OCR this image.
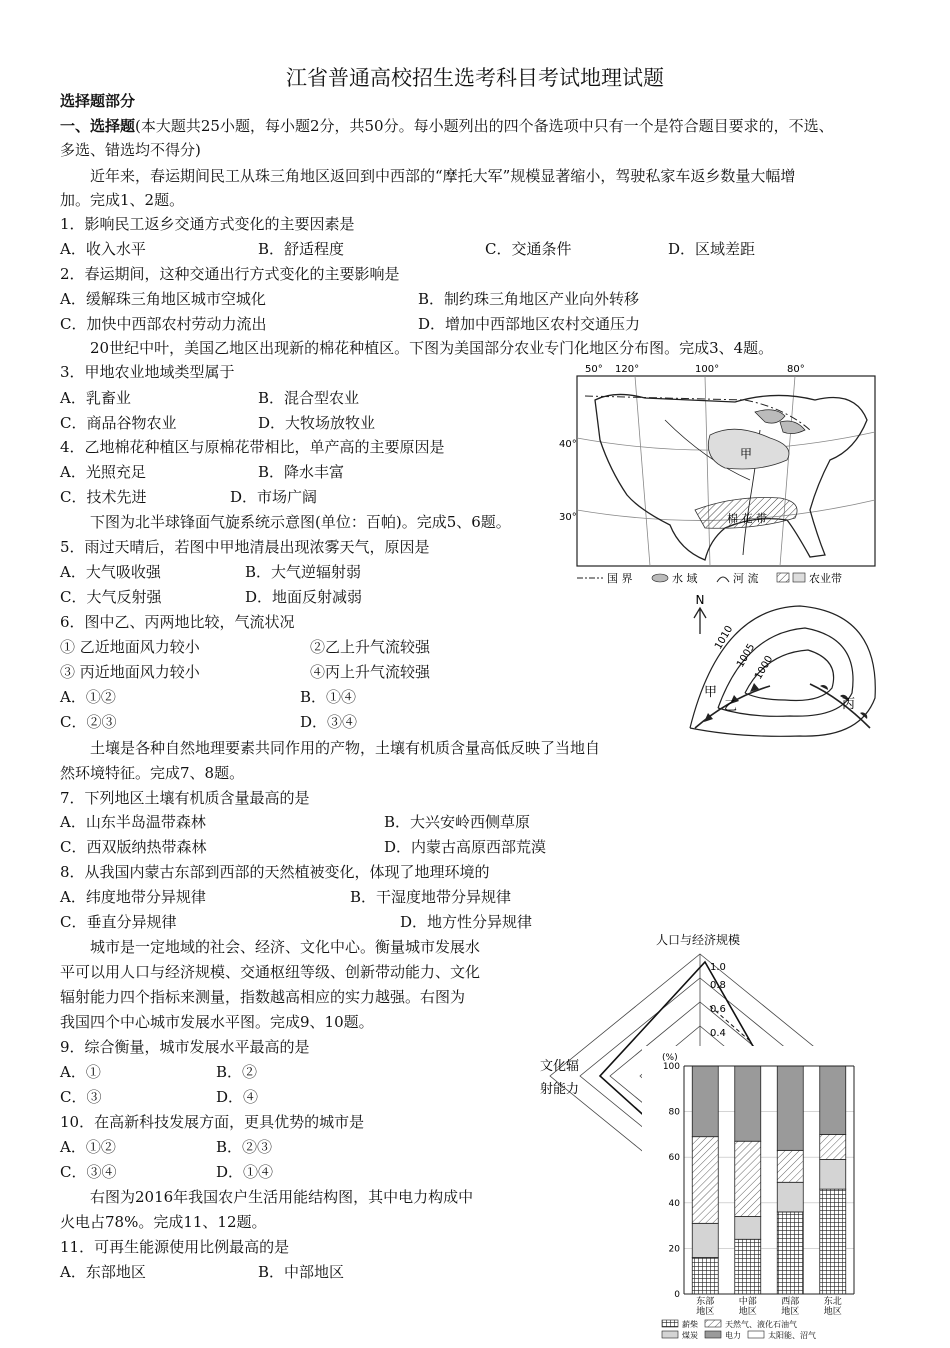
江省普通高校招生选考科目考试地理试题
选择题部分
一、选择题(本大题共25小题，每小题2分，共50分。每小题列出的四个备选项中只有一个是符合题目要求的，不选、
多选、错选均不得分)
近年来，春运期间民工从珠三角地区返回到中西部的“摩托大军”规模显著缩小，驾驶私家车返乡数量大幅增
加。完成1、2题。
1．影响民工返乡交通方式变化的主要因素是
A．收入水平	B．舒适程度	C．交通条件	D．区域差距
2．春运期间，这种交通出行方式变化的主要影响是
A．缓解珠三角地区城市空城化	B．制约珠三角地区产业向外转移
C．加快中西部农村劳动力流出	D．增加中西部地区农村交通压力
20世纪中叶，美国乙地区出现新的棉花种植区。下图为美国部分农业专门化地区分布图。完成3、4题。
3．甲地农业地域类型属于
A．乳畜业	B．混合型农业
C．商品谷物农业	D．大牧场放牧业
4．乙地棉花种植区与原棉花带相比，单产高的主要原因是
A．光照充足	B．降水丰富
C．技术先进	D．市场广阔
下图为北半球锋面气旋系统示意图(单位：百帕)。完成5、6题。
5．雨过天晴后，若图中甲地清晨出现浓雾天气，原因是
A．大气吸收强	B．大气逆辐射弱
C．大气反射强	D．地面反射减弱
6．图中乙、丙两地比较，气流状况
① 乙近地面风力较小	②乙上升气流较强
③ 丙近地面风力较小	④丙上升气流较强
A．①②	B．①④
C．②③	D．③④
土壤是各种自然地理要素共同作用的产物，土壤有机质含量高低反映了当地自
然环境特征。完成7、8题。
7．下列地区土壤有机质含量最高的是
A．山东半岛温带森林	B．大兴安岭西侧草原
C．西双版纳热带森林	D．内蒙古高原西部荒漠
8．从我国内蒙古东部到西部的天然植被变化，体现了地理环境的
A．纬度地带分异规律	B．干湿度地带分异规律
C．垂直分异规律	D．地方性分异规律
城市是一定地域的社会、经济、文化中心。衡量城市发展水
平可以用人口与经济规模、交通枢纽等级、创新带动能力、文化
辐射能力四个指标来测量，指数越高相应的实力越强。右图为
我国四个中心城市发展水平图。完成9、10题。
9．综合衡量，城市发展水平最高的是
A．①	B．②
C．③	D．④
10．在高新科技发展方面，更具优势的城市是
A．①②	B．②③
C．③④	D．①④
右图为2016年我国农户生活用能结构图，其中电力构成中
火电占78%。完成11、12题。
11．可再生能源使用比例最高的是
A．东部地区	B．中部地区
50° 120°	100°	80°
40°
30°
甲
棉 花 带
国 界	水 域	河 流	农业带
N
1010
1005
1000
甲
乙	丙
人口与经济规模
1.0
0.8
0.6
0.4
文化辐
射能力
0
20
40
60
80
100
东部
地区
中部
地区
西部
地区
东北
地区
(%)
薪柴	天然气、液化石油气
煤炭	电力	太阳能、沼气
